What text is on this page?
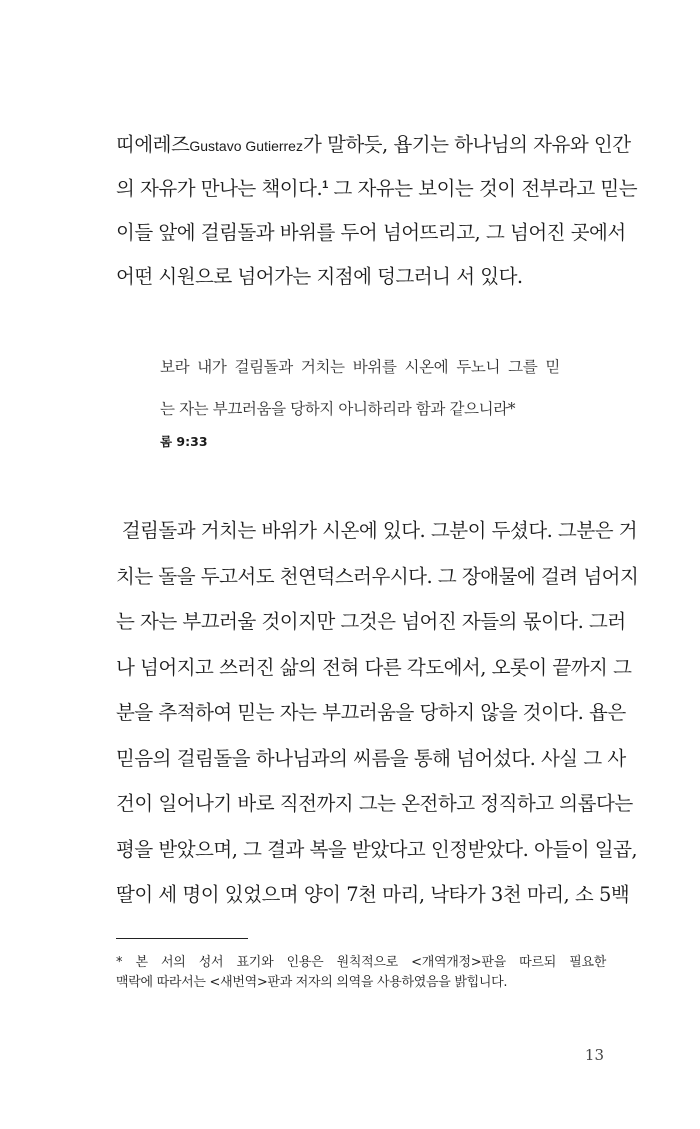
띠에레즈Gustavo Gutierrez가 말하듯, 욥기는 하나님의 자유와 인간
의 자유가 만나는 책이다.$^1$ 그 자유는 보이는 것이 전부라고 믿는
이들 앞에 걸림돌과 바위를 두어 넘어뜨리고, 그 넘어진 곳에서
어떤 시원으로 넘어가는 지점에 덩그러니 서 있다.
보라 내가 걸림돌과 거치는 바위를 시온에 두노니 그를 믿
는 자는 부끄러움을 당하지 아니하리라 함과 같으니라*
롬 9:33
걸림돌과 거치는 바위가 시온에 있다. 그분이 두셨다. 그분은 거
치는 돌을 두고서도 천연덕스러우시다. 그 장애물에 걸려 넘어지
는 자는 부끄러울 것이지만 그것은 넘어진 자들의 몫이다. 그러
나 넘어지고 쓰러진 삶의 전혀 다른 각도에서, 오롯이 끝까지 그
분을 추적하여 믿는 자는 부끄러움을 당하지 않을 것이다. 욥은
믿음의 걸림돌을 하나님과의 씨름을 통해 넘어섰다. 사실 그 사
건이 일어나기 바로 직전까지 그는 온전하고 정직하고 의롭다는
평을 받았으며, 그 결과 복을 받았다고 인정받았다. 아들이 일곱,
딸이 세 명이 있었으며 양이 7천 마리, 낙타가 3천 마리, 소 5백
* 본 서의 성서 표기와 인용은 원칙적으로 <개역개정>판을 따르되 필요한
맥락에 따라서는 <새번역>판과 저자의 의역을 사용하였음을 밝힙니다.
13
